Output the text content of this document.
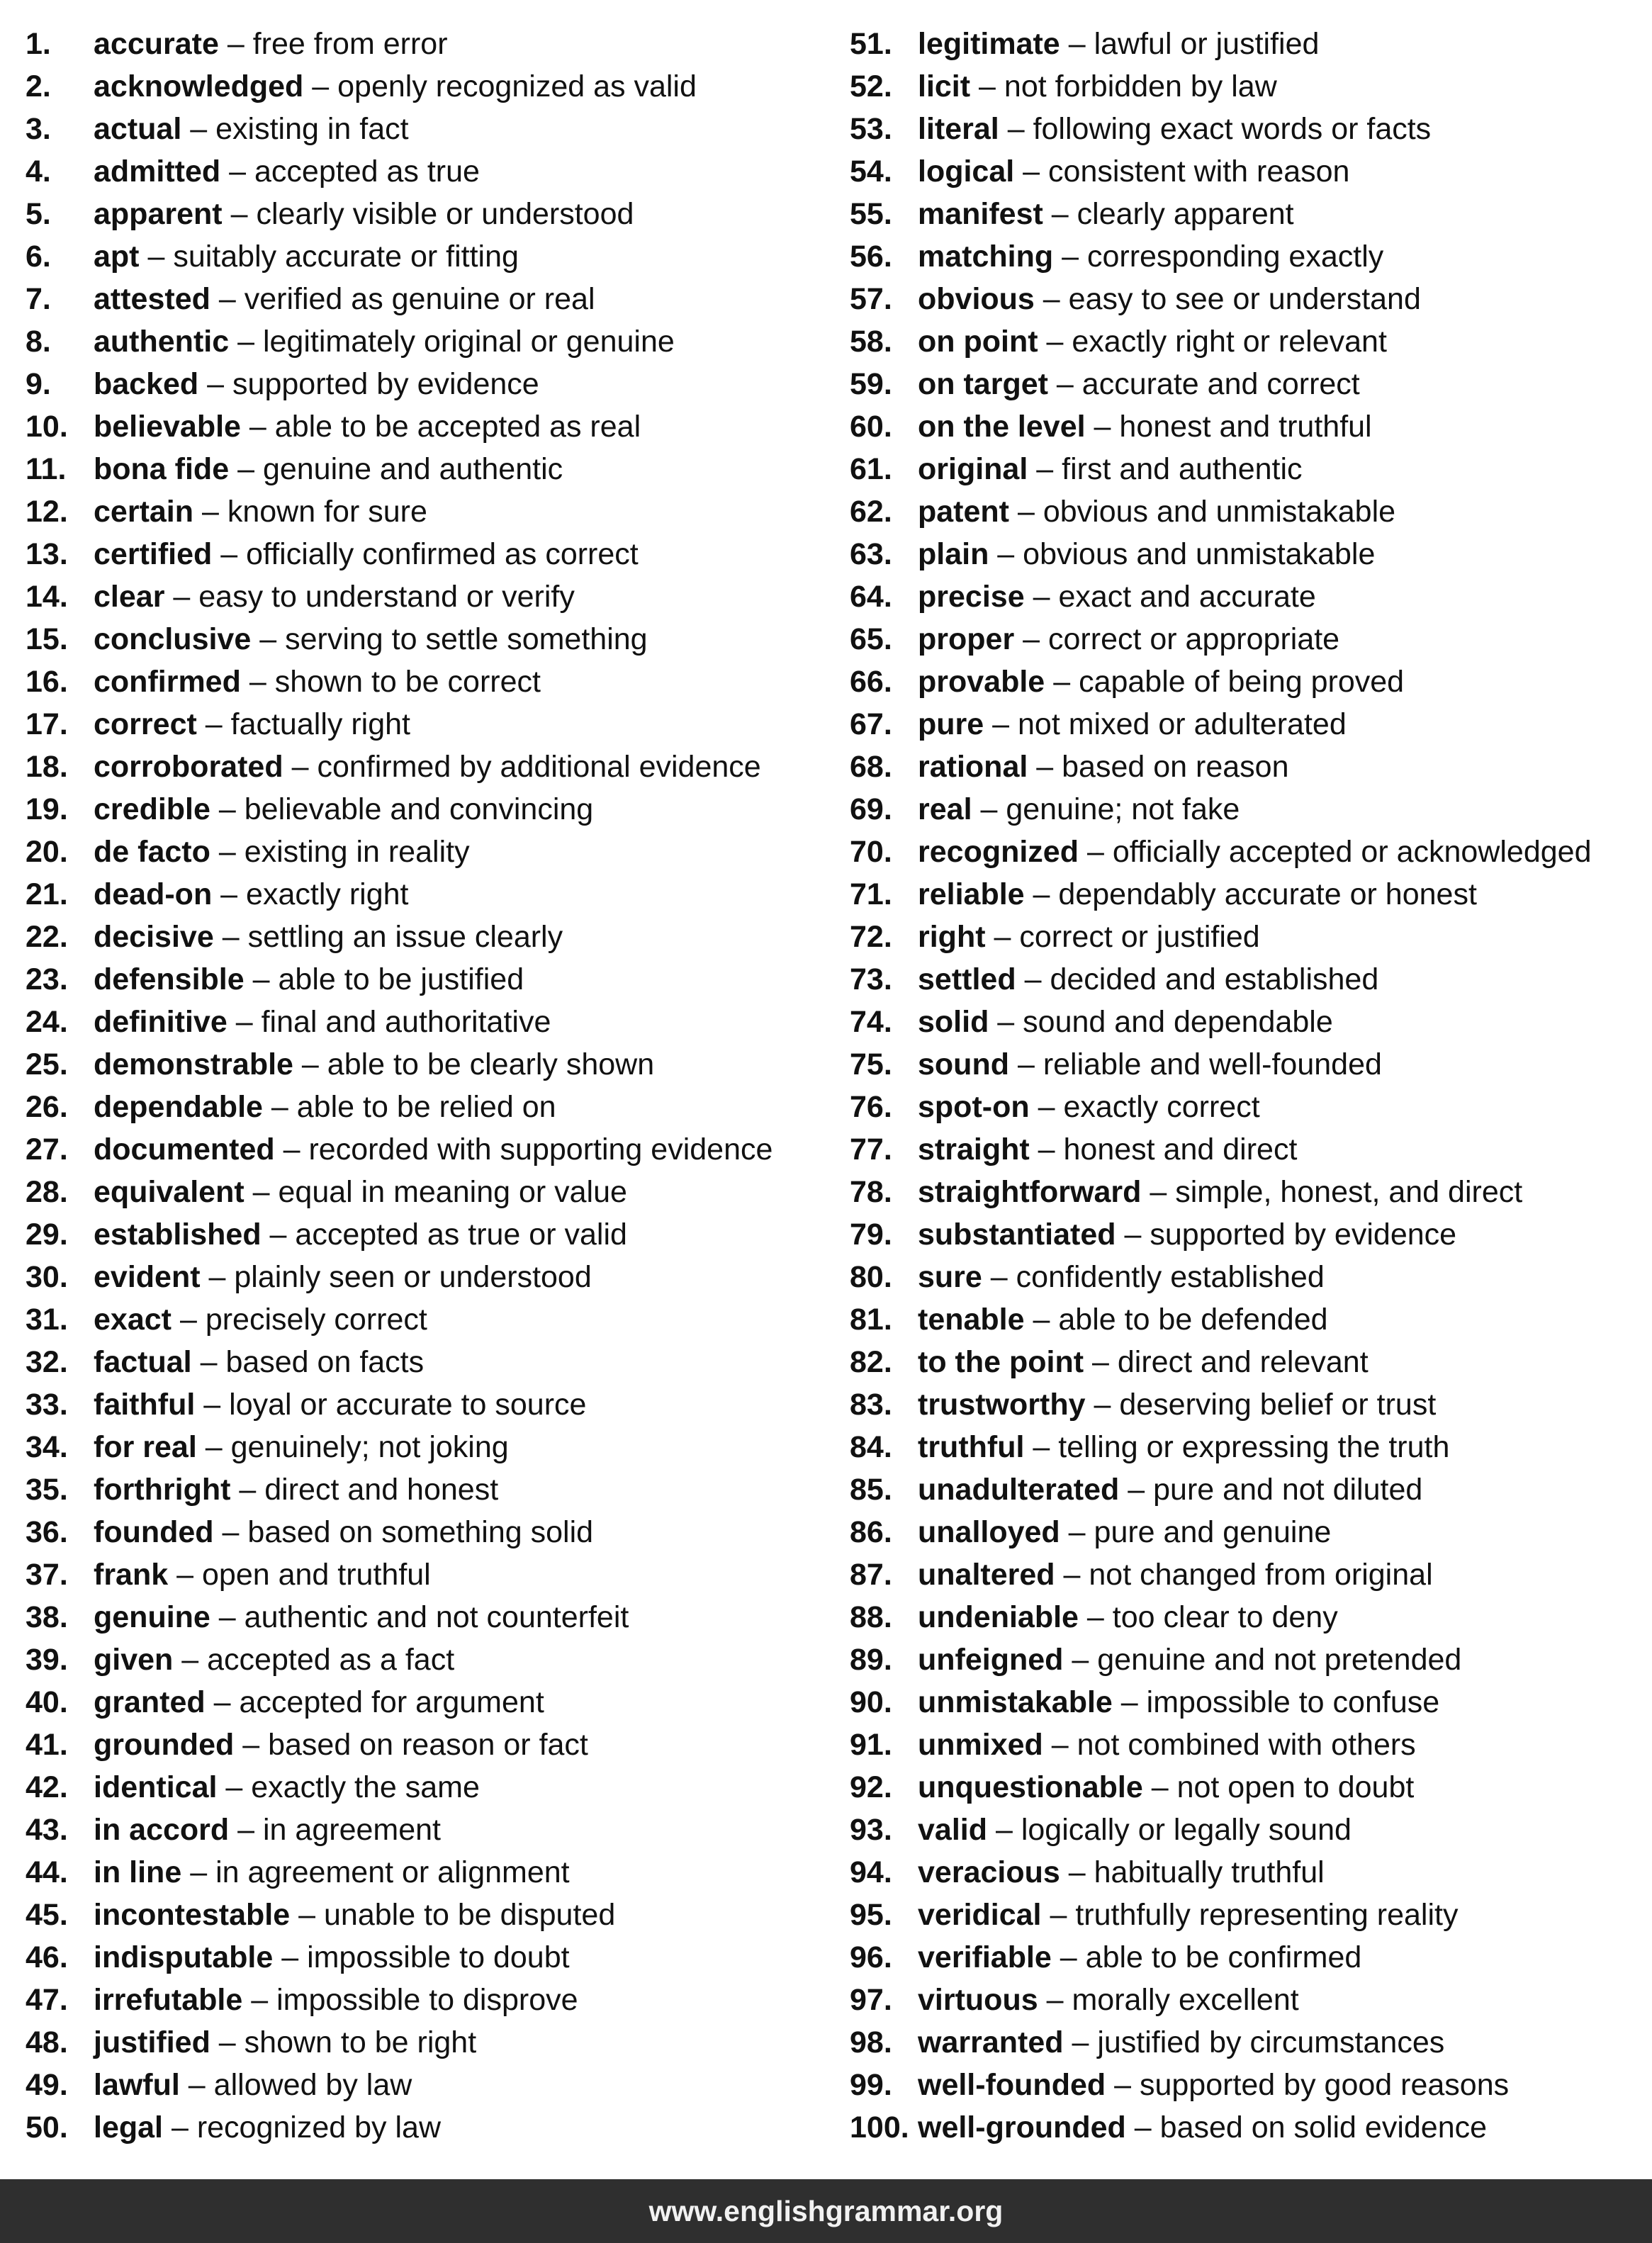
1. accurate – free from error
2. acknowledged – openly recognized as valid
3. actual – existing in fact
4. admitted – accepted as true
5. apparent – clearly visible or understood
6. apt – suitably accurate or fitting
7. attested – verified as genuine or real
8. authentic – legitimately original or genuine
9. backed – supported by evidence
10. believable – able to be accepted as real
11. bona fide – genuine and authentic
12. certain – known for sure
13. certified – officially confirmed as correct
14. clear – easy to understand or verify
15. conclusive – serving to settle something
16. confirmed – shown to be correct
17. correct – factually right
18. corroborated – confirmed by additional evidence
19. credible – believable and convincing
20. de facto – existing in reality
21. dead-on – exactly right
22. decisive – settling an issue clearly
23. defensible – able to be justified
24. definitive – final and authoritative
25. demonstrable – able to be clearly shown
26. dependable – able to be relied on
27. documented – recorded with supporting evidence
28. equivalent – equal in meaning or value
29. established – accepted as true or valid
30. evident – plainly seen or understood
31. exact – precisely correct
32. factual – based on facts
33. faithful – loyal or accurate to source
34. for real – genuinely; not joking
35. forthright – direct and honest
36. founded – based on something solid
37. frank – open and truthful
38. genuine – authentic and not counterfeit
39. given – accepted as a fact
40. granted – accepted for argument
41. grounded – based on reason or fact
42. identical – exactly the same
43. in accord – in agreement
44. in line – in agreement or alignment
45. incontestable – unable to be disputed
46. indisputable – impossible to doubt
47. irrefutable – impossible to disprove
48. justified – shown to be right
49. lawful – allowed by law
50. legal – recognized by law
51. legitimate – lawful or justified
52. licit – not forbidden by law
53. literal – following exact words or facts
54. logical – consistent with reason
55. manifest – clearly apparent
56. matching – corresponding exactly
57. obvious – easy to see or understand
58. on point – exactly right or relevant
59. on target – accurate and correct
60. on the level – honest and truthful
61. original – first and authentic
62. patent – obvious and unmistakable
63. plain – obvious and unmistakable
64. precise – exact and accurate
65. proper – correct or appropriate
66. provable – capable of being proved
67. pure – not mixed or adulterated
68. rational – based on reason
69. real – genuine; not fake
70. recognized – officially accepted or acknowledged
71. reliable – dependably accurate or honest
72. right – correct or justified
73. settled – decided and established
74. solid – sound and dependable
75. sound – reliable and well-founded
76. spot-on – exactly correct
77. straight – honest and direct
78. straightforward – simple, honest, and direct
79. substantiated – supported by evidence
80. sure – confidently established
81. tenable – able to be defended
82. to the point – direct and relevant
83. trustworthy – deserving belief or trust
84. truthful – telling or expressing the truth
85. unadulterated – pure and not diluted
86. unalloyed – pure and genuine
87. unaltered – not changed from original
88. undeniable – too clear to deny
89. unfeigned – genuine and not pretended
90. unmistakable – impossible to confuse
91. unmixed – not combined with others
92. unquestionable – not open to doubt
93. valid – logically or legally sound
94. veracious – habitually truthful
95. veridical – truthfully representing reality
96. verifiable – able to be confirmed
97. virtuous – morally excellent
98. warranted – justified by circumstances
99. well-founded – supported by good reasons
100. well-grounded – based on solid evidence
www.englishgrammar.org
